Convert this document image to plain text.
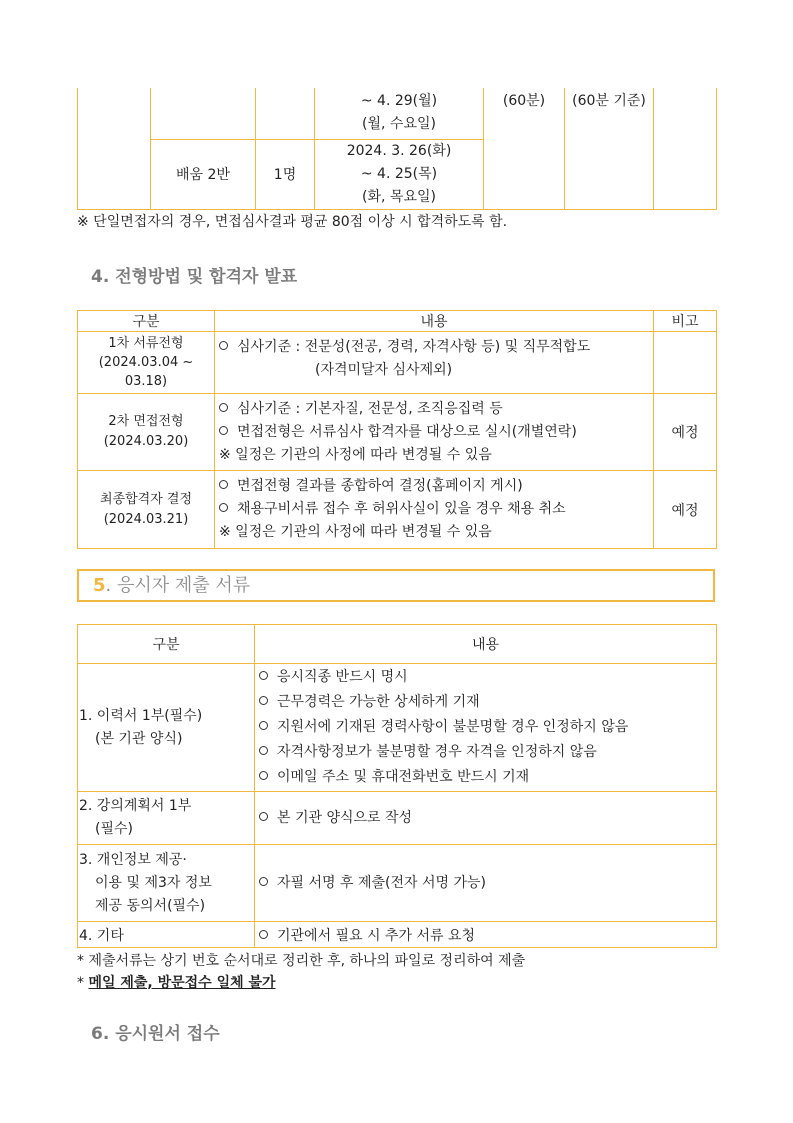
			~ 4. 29(월)
(월, 수요일)	(60분)	(60분 기준)	

	배움 2반	1명	2024. 3. 26(화)
~ 4. 25(목)
(화, 목요일)			
※ 단일면접자의 경우, 면접심사결과 평균 80점 이상 시 합격하도록 함.
4. 전형방법 및 합격자 발표
구분	내용	비고

1차 서류전형
(2024.03.04 ~
03.18)	심사기준 : 전문성(전공, 경력, 자격사항 등) 및 직무적합도
(자격미달자 심사제외)	

2차 면접전형
(2024.03.20)	심사기준 : 기본자질, 전문성, 조직응집력 등
면접전형은 서류심사 합격자를 대상으로 실시(개별연락)
※ 일정은 기관의 사정에 따라 변경될 수 있음	예정

최종합격자 결정
(2024.03.21)	면접전형 결과를 종합하여 결정(홈페이지 게시)
채용구비서류 접수 후 허위사실이 있을 경우 채용 취소
※ 일정은 기관의 사정에 따라 변경될 수 있음	예정
5. 응시자 제출 서류
구분	내용

1. 이력서 1부(필수)
(본 기관 양식)	응시직종 반드시 명시
근무경력은 가능한 상세하게 기재
지원서에 기재된 경력사항이 불분명할 경우 인정하지 않음
자격사항정보가 불분명할 경우 자격을 인정하지 않음
이메일 주소 및 휴대전화번호 반드시 기재

2. 강의계획서 1부
(필수)	본 기관 양식으로 작성

3. 개인정보 제공·
이용 및 제3자 정보
제공 동의서(필수)	자필 서명 후 제출(전자 서명 가능)

4. 기타	기관에서 필요 시 추가 서류 요청
* 제출서류는 상기 번호 순서대로 정리한 후, 하나의 파일로 정리하여 제출
* 메일 제출, 방문접수 일체 불가
6. 응시원서 접수
